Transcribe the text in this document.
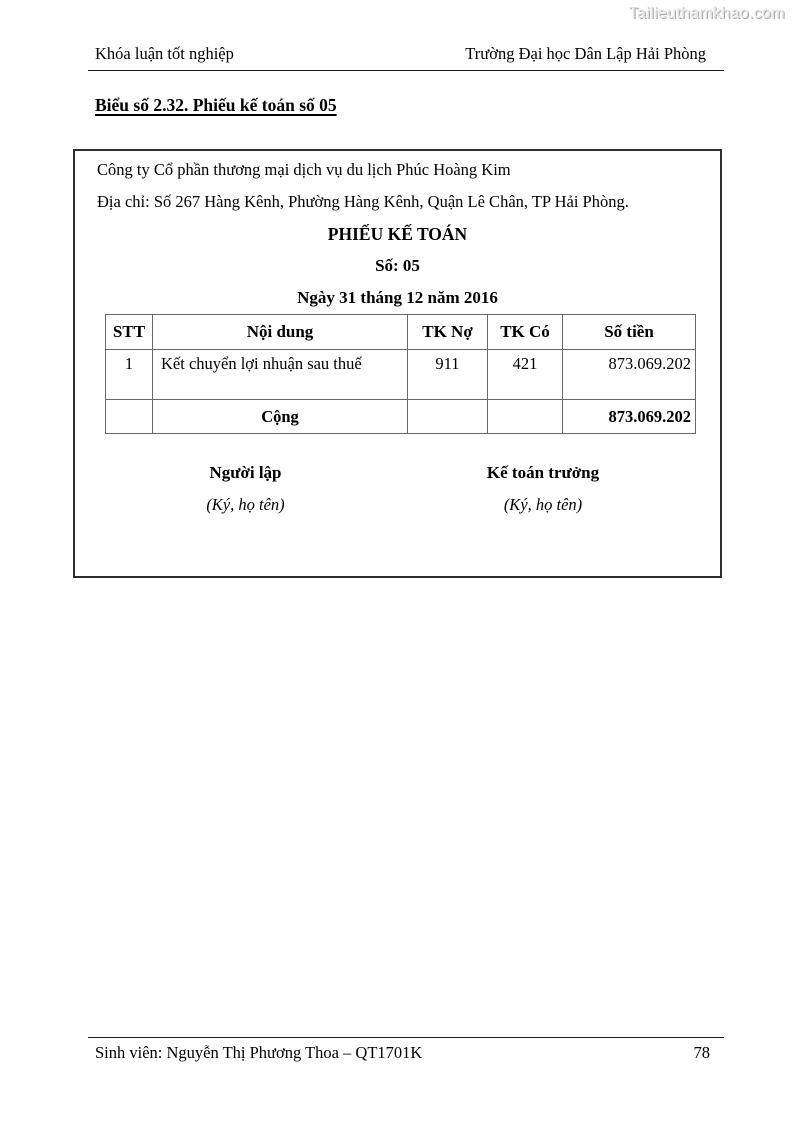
Tailieuthamkhao.com
Khóa luận tốt nghiệp	Trường Đại học Dân Lập Hải Phòng
Biểu số 2.32. Phiếu kế toán số 05
Công ty Cổ phần thương mại dịch vụ du lịch Phúc Hoàng Kim
Địa chỉ: Số 267 Hàng Kênh, Phường Hàng Kênh, Quận Lê Chân, TP Hải Phòng.
PHIẾU KẾ TOÁN
Số: 05
Ngày 31 tháng 12 năm 2016
STT	Nội dung	TK Nợ	TK Có	Số tiền
1	Kết chuyển lợi nhuận sau thuế	911	421	873.069.202
	Cộng			873.069.202
Người lập
(Ký, họ tên)
Kế toán trưởng
(Ký, họ tên)
Sinh viên: Nguyễn Thị Phương Thoa – QT1701K	78
